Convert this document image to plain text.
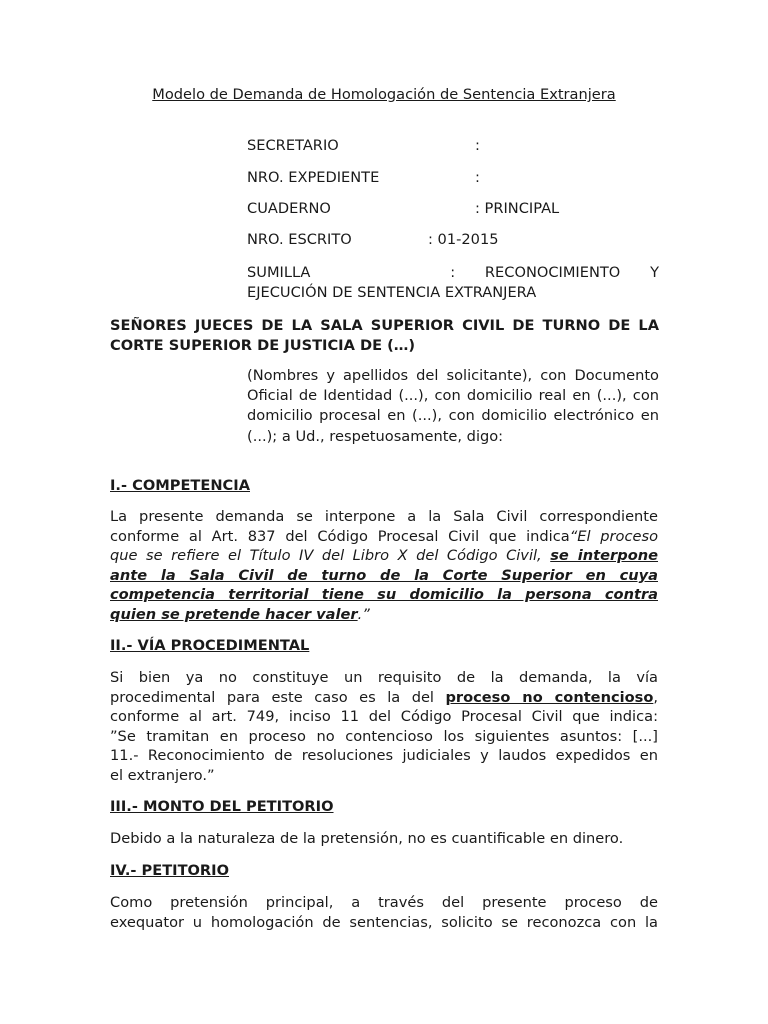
Modelo de Demanda de Homologación de Sentencia Extranjera
SECRETARIO	:
NRO. EXPEDIENTE	:
CUADERNO	: PRINCIPAL
NRO. ESCRITO	: 01-2015
SUMILLA	: RECONOCIMIENTO Y
EJECUCIÓN DE SENTENCIA EXTRANJERA
SEÑORES JUECES DE LA SALA SUPERIOR CIVIL DE TURNO DE LA CORTE SUPERIOR DE JUSTICIA DE (…)
(Nombres y apellidos del solicitante), con Documento Oficial de Identidad (...), con domicilio real en (...), con domicilio procesal en (...), con domicilio electrónico en (...); a Ud., respetuosamente, digo:
I.- COMPETENCIA
La presente demanda se interpone a la Sala Civil correspondiente
conforme al Art. 837 del Código Procesal Civil que indica“El proceso
que se refiere el Título IV del Libro X del Código Civil, se interpone
ante la Sala Civil de turno de la Corte Superior en cuya
competencia territorial tiene su domicilio la persona contra
quien se pretende hacer valer.”
II.- VÍA PROCEDIMENTAL
Si bien ya no constituye un requisito de la demanda, la vía
procedimental para este caso es la del proceso no contencioso,
conforme al art. 749, inciso 11 del Código Procesal Civil que indica:
”Se tramitan en proceso no contencioso los siguientes asuntos: [...]
11.- Reconocimiento de resoluciones judiciales y laudos expedidos en
el extranjero.”
III.- MONTO DEL PETITORIO
Debido a la naturaleza de la pretensión, no es cuantificable en dinero.
IV.- PETITORIO
Como pretensión principal, a través del presente proceso de
exequator u homologación de sentencias, solicito se reconozca con la
